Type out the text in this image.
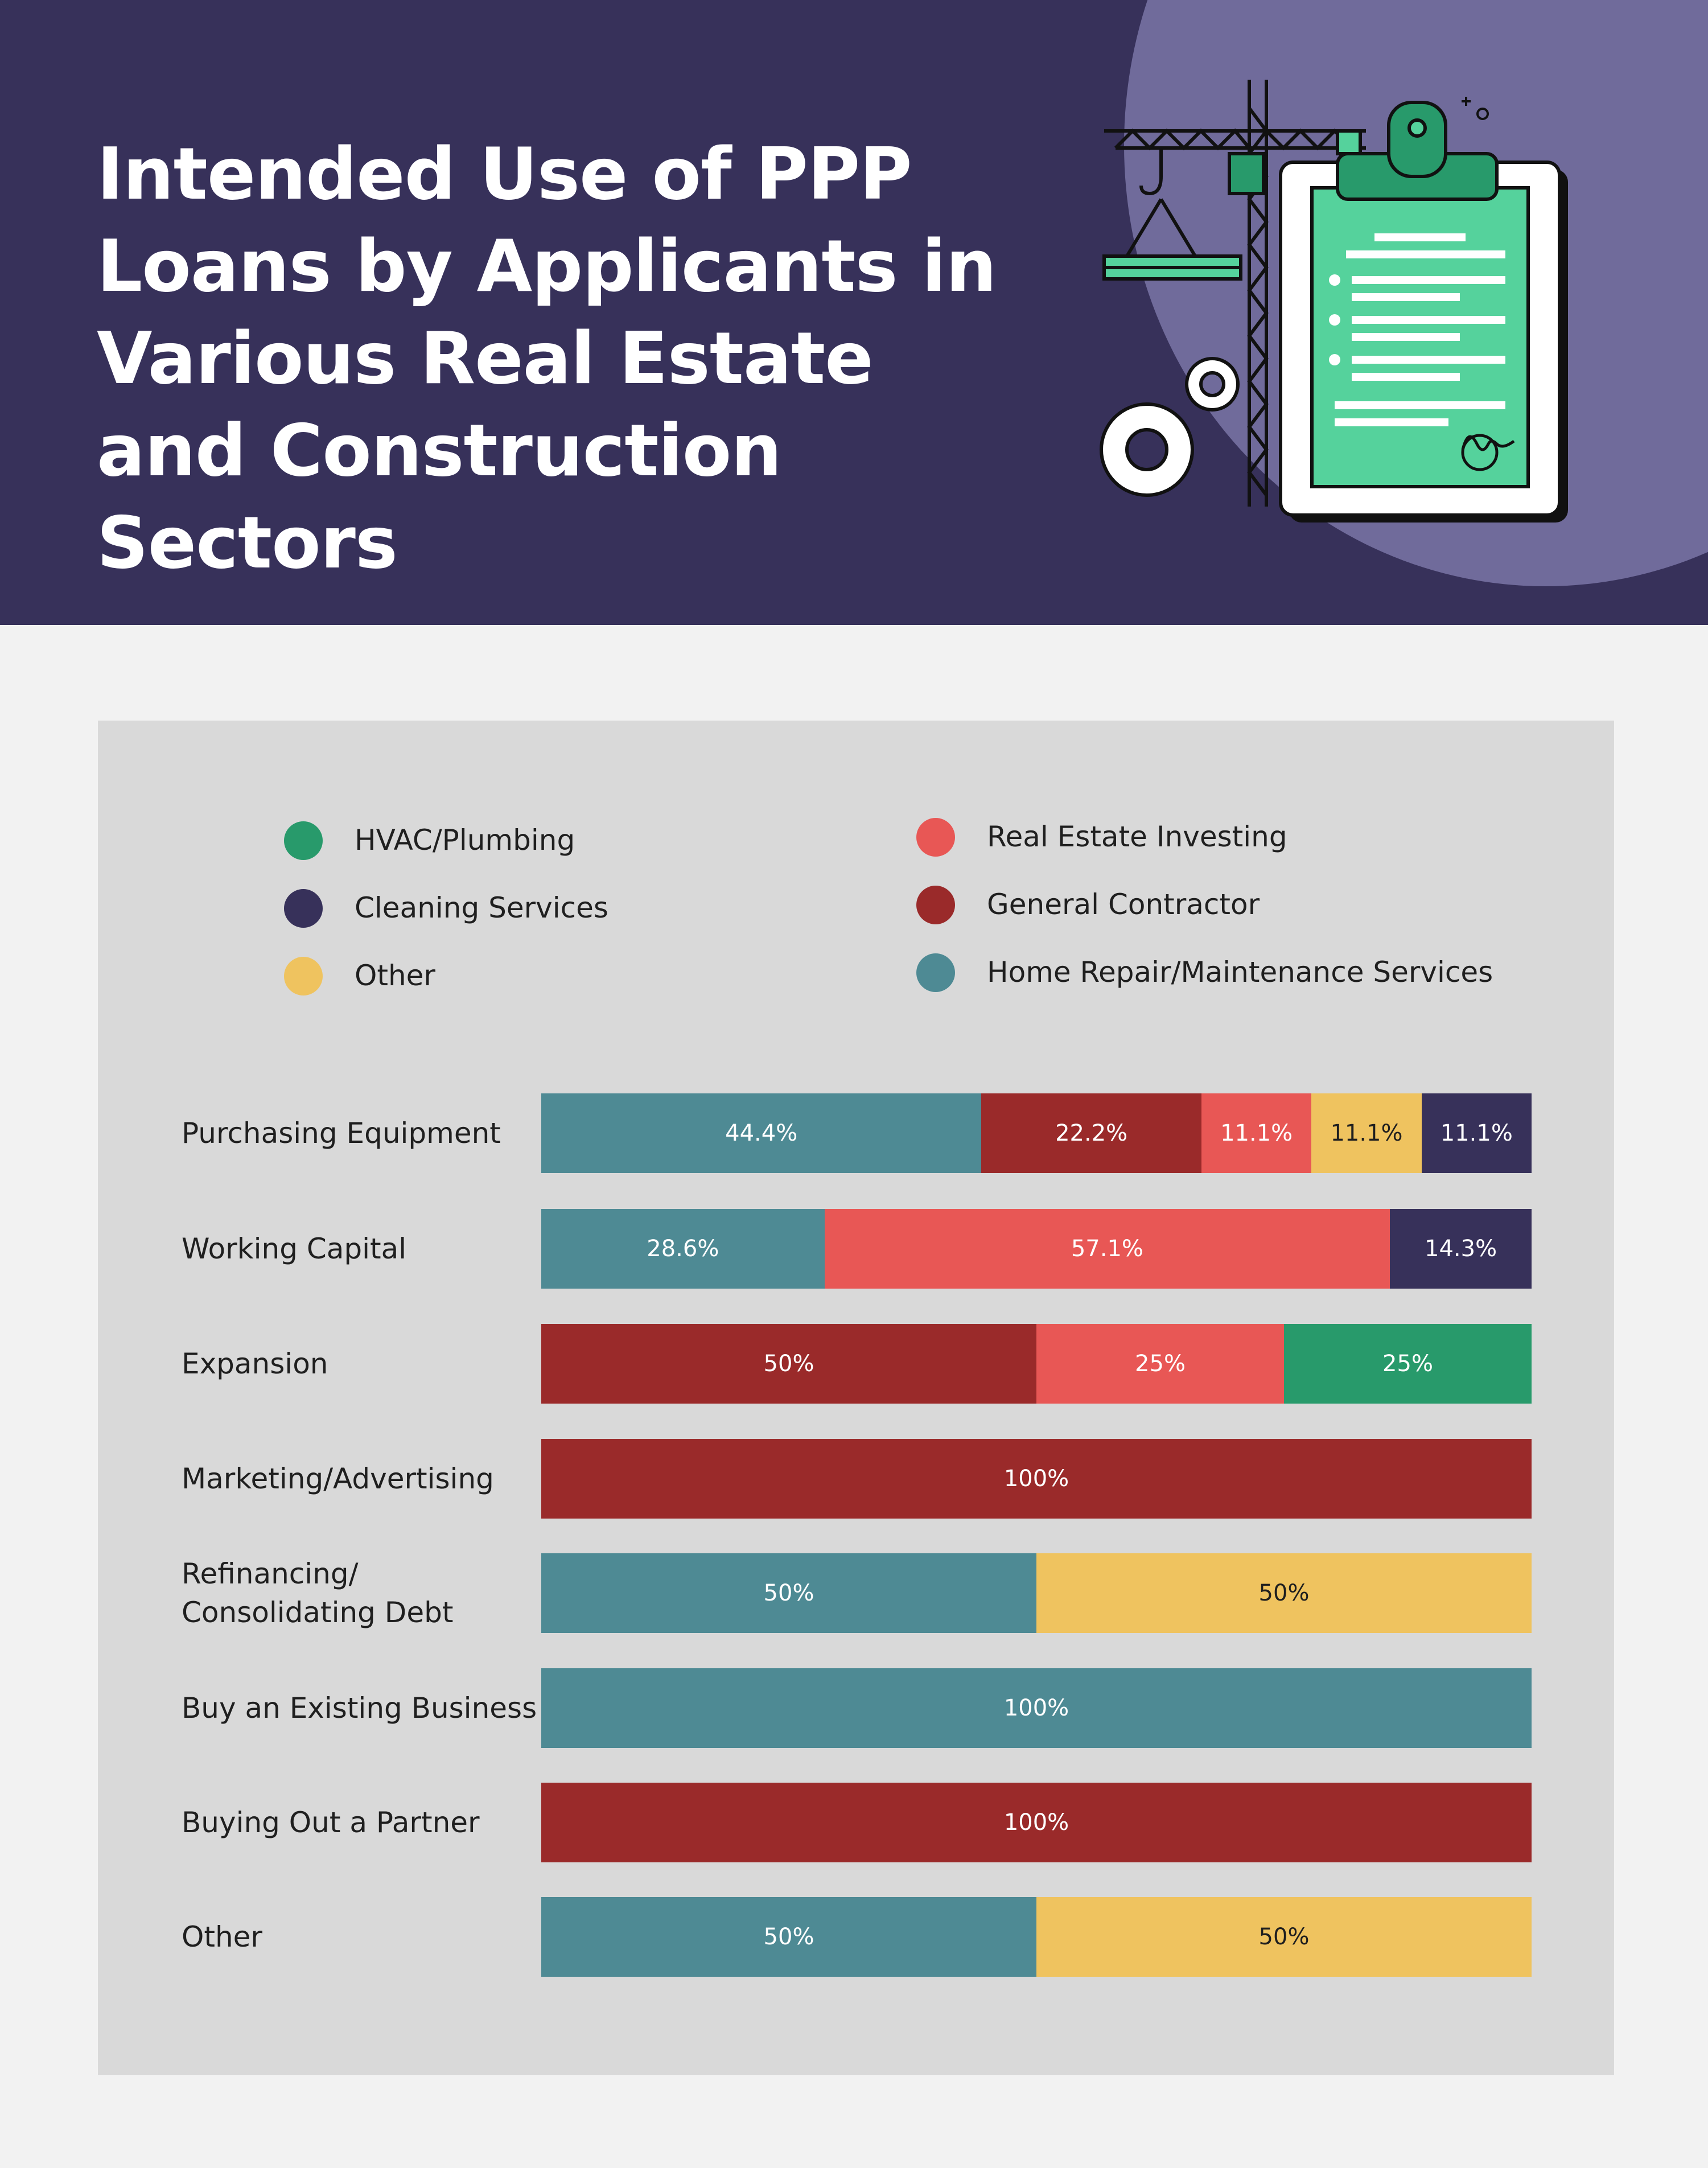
Intended Use of PPP Loans by Applicants in Various Real Estate and Construction Sectors
HVAC/Plumbing
Cleaning Services
Other
Real Estate Investing
General Contractor
Home Repair/Maintenance Services
Purchasing Equipment	44.4%	22.2%	11.1%	11.1%	11.1%
Working Capital	28.6%	57.1%	14.3%
Expansion	50%	25%	25%
Marketing/Advertising	100%
Refinancing/
Consolidating Debt
50%	50%
Buy an Existing Business	100%
Buying Out a Partner	100%
Other	50%	50%
